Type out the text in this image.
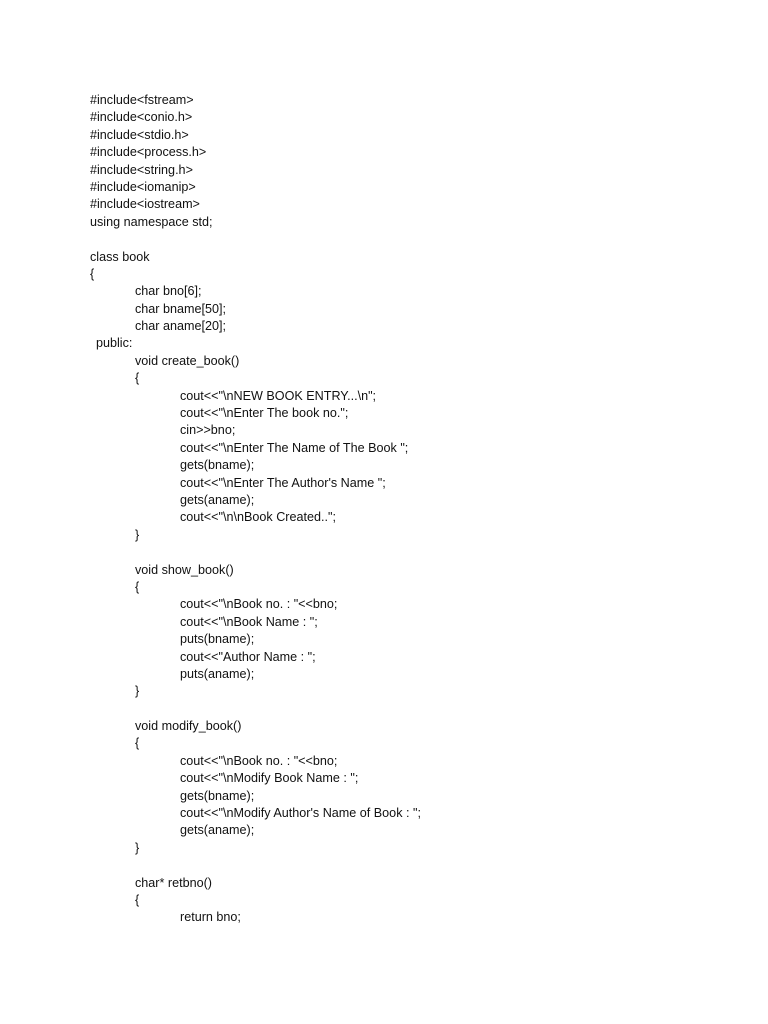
#include<fstream>
#include<conio.h>
#include<stdio.h>
#include<process.h>
#include<string.h>
#include<iomanip>
#include<iostream>
using namespace std;
class book
{
char bno[6];
char bname[50];
char aname[20];
public:
void create_book()
{
cout<<"\nNEW BOOK ENTRY...\n";
cout<<"\nEnter The book no.";
cin>>bno;
cout<<"\nEnter The Name of The Book ";
gets(bname);
cout<<"\nEnter The Author's Name ";
gets(aname);
cout<<"\n\nBook Created..";
}
void show_book()
{
cout<<"\nBook no. : "<<bno;
cout<<"\nBook Name : ";
puts(bname);
cout<<"Author Name : ";
puts(aname);
}
void modify_book()
{
cout<<"\nBook no. : "<<bno;
cout<<"\nModify Book Name : ";
gets(bname);
cout<<"\nModify Author's Name of Book : ";
gets(aname);
}
char* retbno()
{
return bno;
